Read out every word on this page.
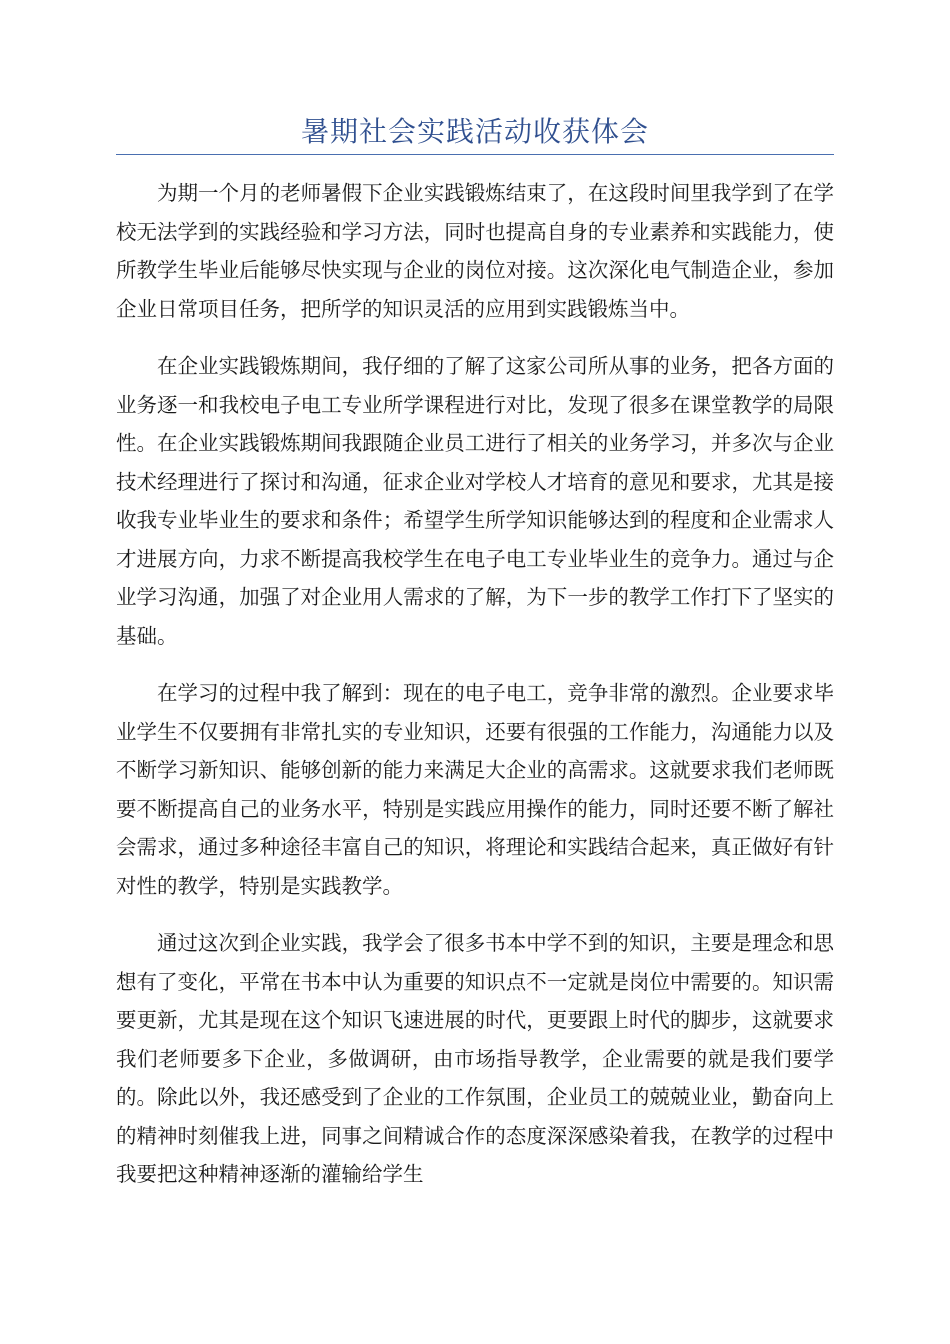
暑期社会实践活动收获体会

为期一个月的老师暑假下企业实践锻炼结束了，在这段时间里我学到了在学校无法学到的实践经验和学习方法，同时也提高自身的专业素养和实践能力，使所教学生毕业后能够尽快实现与企业的岗位对接。这次深化电气制造企业，参加企业日常项目任务，把所学的知识灵活的应用到实践锻炼当中。

在企业实践锻炼期间，我仔细的了解了这家公司所从事的业务，把各方面的业务逐一和我校电子电工专业所学课程进行对比，发现了很多在课堂教学的局限性。在企业实践锻炼期间我跟随企业员工进行了相关的业务学习，并多次与企业技术经理进行了探讨和沟通，征求企业对学校人才培育的意见和要求，尤其是接收我专业毕业生的要求和条件；希望学生所学知识能够达到的程度和企业需求人才进展方向，力求不断提高我校学生在电子电工专业毕业生的竞争力。通过与企业学习沟通，加强了对企业用人需求的了解，为下一步的教学工作打下了坚实的基础。

在学习的过程中我了解到：现在的电子电工，竞争非常的激烈。企业要求毕业学生不仅要拥有非常扎实的专业知识，还要有很强的工作能力，沟通能力以及不断学习新知识、能够创新的能力来满足大企业的高需求。这就要求我们老师既要不断提高自己的业务水平，特别是实践应用操作的能力，同时还要不断了解社会需求，通过多种途径丰富自己的知识，将理论和实践结合起来，真正做好有针对性的教学，特别是实践教学。

通过这次到企业实践，我学会了很多书本中学不到的知识，主要是理念和思想有了变化，平常在书本中认为重要的知识点不一定就是岗位中需要的。知识需要更新，尤其是现在这个知识飞速进展的时代，更要跟上时代的脚步，这就要求我们老师要多下企业，多做调研，由市场指导教学，企业需要的就是我们要学的。除此以外，我还感受到了企业的工作氛围，企业员工的兢兢业业，勤奋向上的精神时刻催我上进，同事之间精诚合作的态度深深感染着我，在教学的过程中我要把这种精神逐渐的灌输给学生
